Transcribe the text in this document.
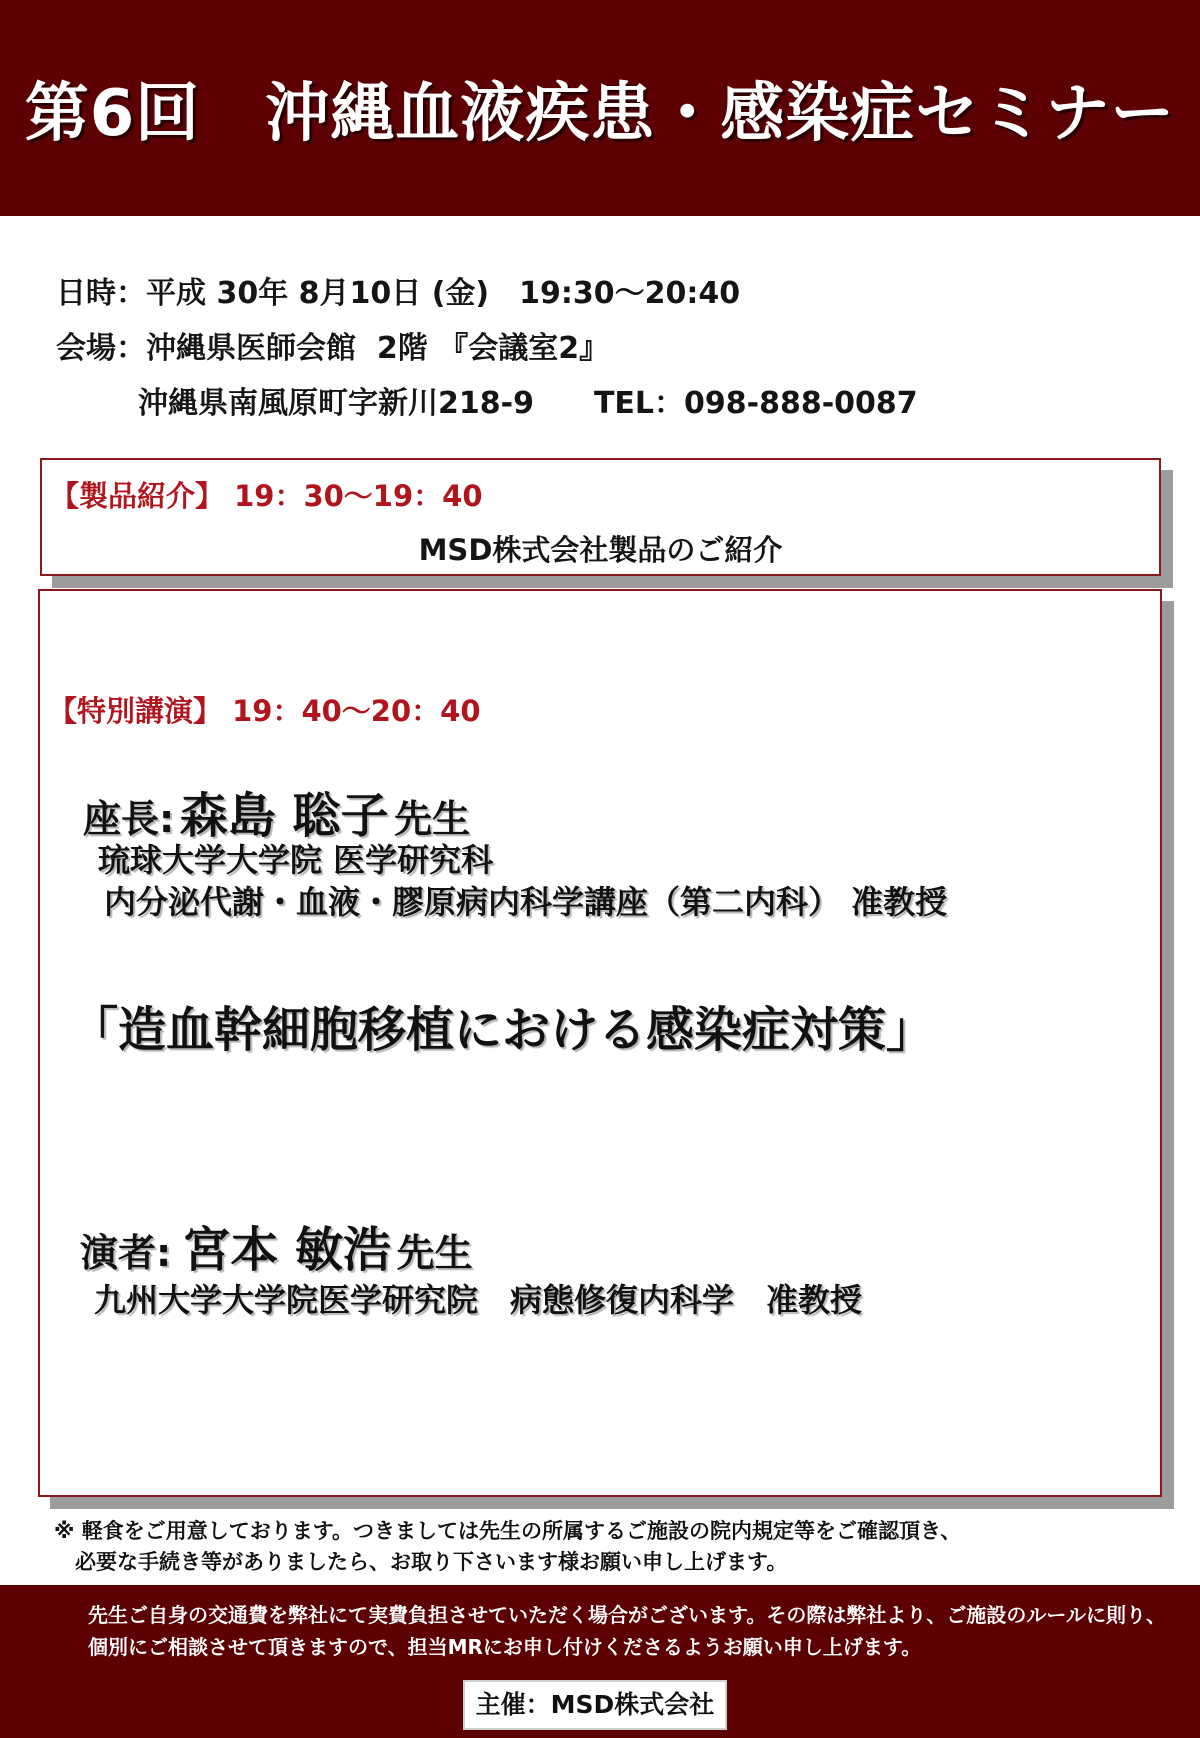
第6回　沖縄血液疾患・感染症セミナー
日時：平成 30年 8月10日 (金)　19:30～20:40
会場：沖縄県医師会館  2階 『会議室2』
沖縄県南風原町字新川218-9　　TEL：098-888-0087
【製品紹介】 19：30～19：40
MSD株式会社製品のご紹介
【特別講演】 19：40～20：40
座長: 森島 聡子 先生
琉球大学大学院 医学研究科
内分泌代謝・血液・膠原病内科学講座（第二内科） 准教授
「造血幹細胞移植における感染症対策」
演者: 宮本 敏浩 先生
九州大学大学院医学研究院　病態修復内科学　准教授
※ 軽食をご用意しております。つきましては先生の所属するご施設の院内規定等をご確認頂き、
　必要な手続き等がありましたら、お取り下さいます様お願い申し上げます。
先生ご自身の交通費を弊社にて実費負担させていただく場合がございます。その際は弊社より、ご施設のルールに則り、
個別にご相談させて頂きますので、担当MRにお申し付けくださるようお願い申し上げます。
主催：MSD株式会社
